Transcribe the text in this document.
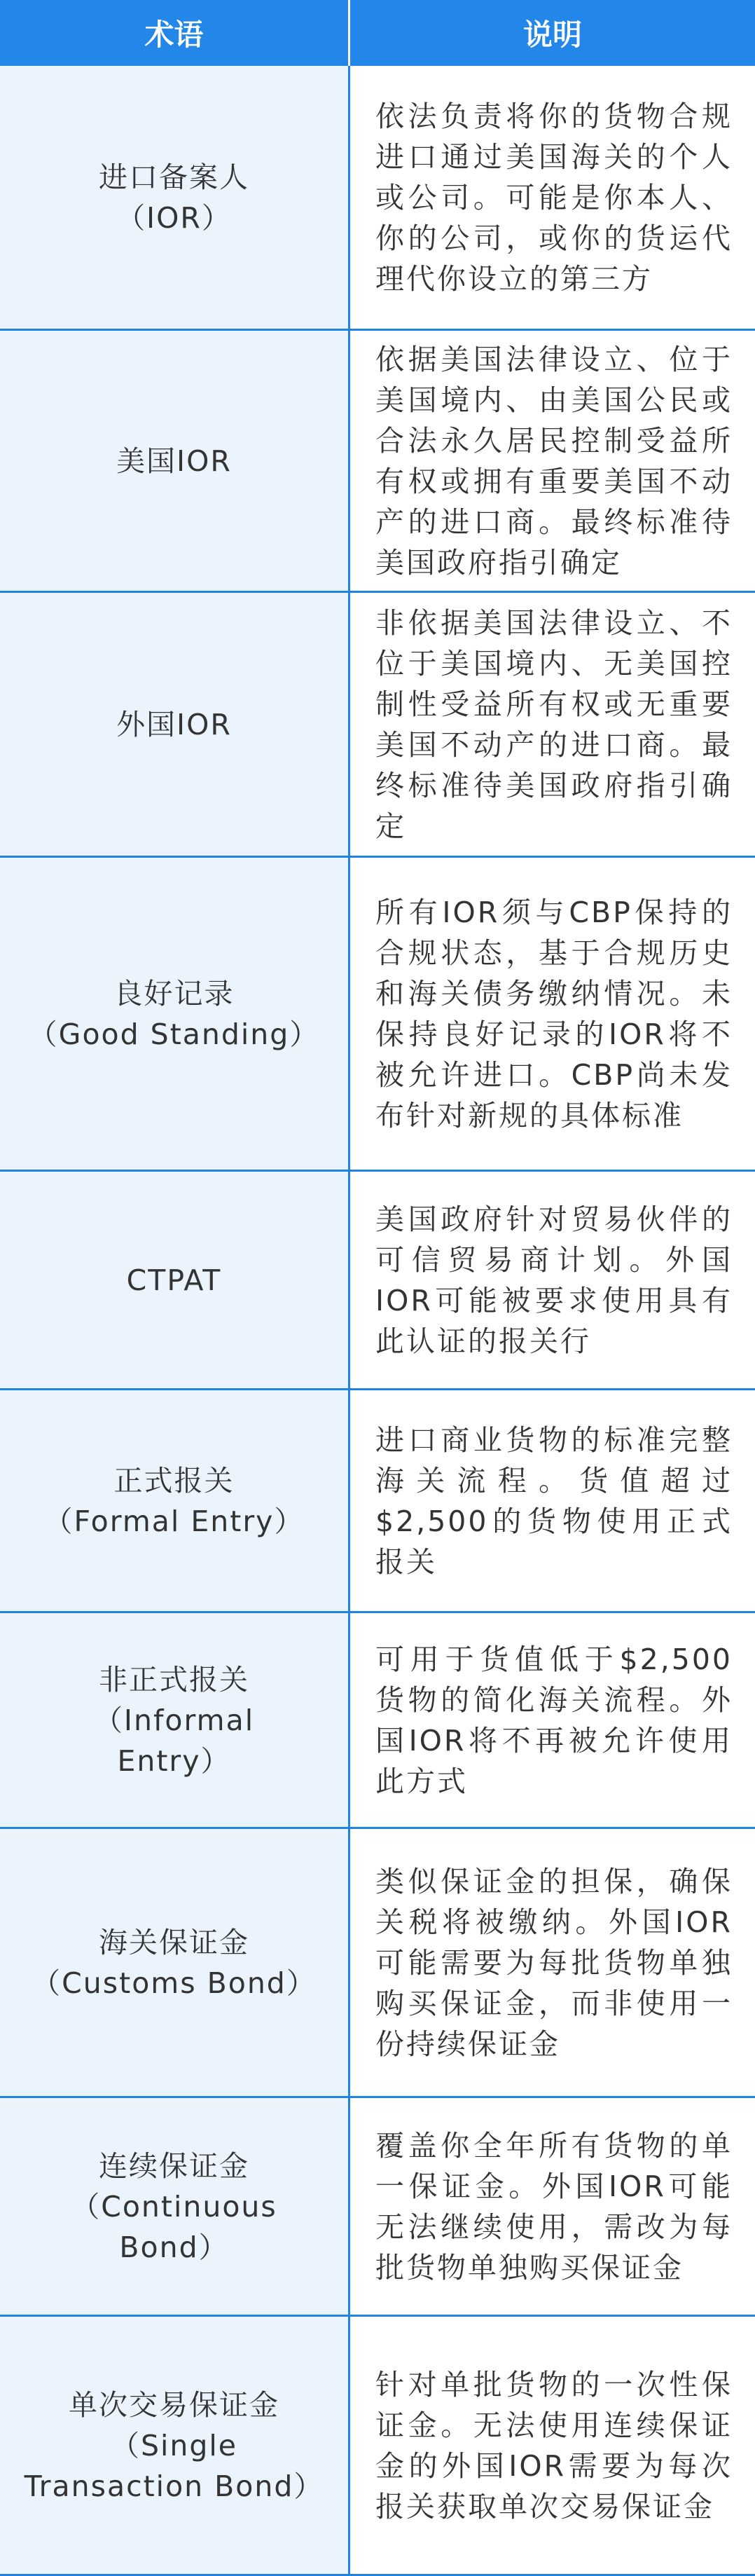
术语	说明
进口备案人
（IOR）
依法负责将你的货物合规进口通过美国海关的个人或公司。可能是你本人、你的公司，或你的货运代理代你设立的第三方
美国IOR
依据美国法律设立、位于美国境内、由美国公民或合法永久居民控制受益所有权或拥有重要美国不动产的进口商。最终标准待美国政府指引确定
外国IOR
非依据美国法律设立、不位于美国境内、无美国控制性受益所有权或无重要美国不动产的进口商。最终标准待美国政府指引确定
良好记录
（Good Standing）
所有IOR须与CBP保持的合规状态，基于合规历史和海关债务缴纳情况。未保持良好记录的IOR将不被允许进口。CBP尚未发布针对新规的具体标准
CTPAT
美国政府针对贸易伙伴的可信贸易商计划。外国IOR可能被要求使用具有此认证的报关行
正式报关
（Formal Entry）
进口商业货物的标准完整海关流程。货值超过$2,500的货物使用正式报关
非正式报关
（Informal
Entry）
可用于货值低于$2,500货物的简化海关流程。外国IOR将不再被允许使用此方式
海关保证金
（Customs Bond）
类似保证金的担保，确保关税将被缴纳。外国IOR可能需要为每批货物单独购买保证金，而非使用一份持续保证金
连续保证金
（Continuous
Bond）
覆盖你全年所有货物的单一保证金。外国IOR可能无法继续使用，需改为每批货物单独购买保证金
单次交易保证金
（Single
Transaction Bond）
针对单批货物的一次性保证金。无法使用连续保证金的外国IOR需要为每次报关获取单次交易保证金
